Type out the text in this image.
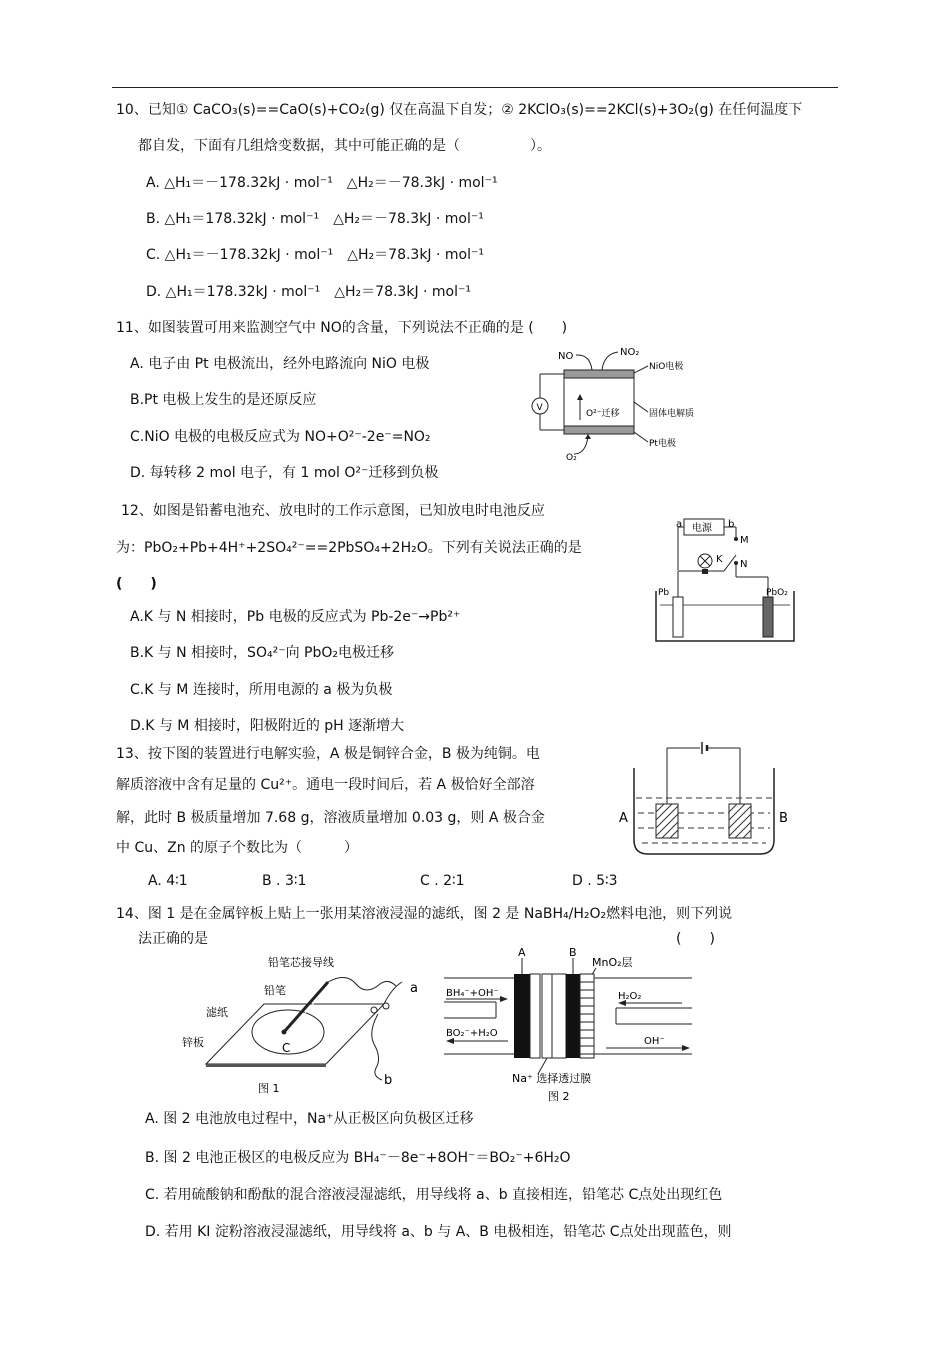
10、已知① CaCO₃(s)==CaO(s)+CO₂(g) 仅在高温下自发；② 2KClO₃(s)==2KCl(s)+3O₂(g) 在任何温度下
都自发，下面有几组焓变数据，其中可能正确的是（　　　　　）。
A. △H₁＝－178.32kJ · mol⁻¹　△H₂＝－78.3kJ · mol⁻¹
B. △H₁＝178.32kJ · mol⁻¹　△H₂＝－78.3kJ · mol⁻¹
C. △H₁＝－178.32kJ · mol⁻¹　△H₂＝78.3kJ · mol⁻¹
D. △H₁＝178.32kJ · mol⁻¹　△H₂＝78.3kJ · mol⁻¹
11、如图装置可用来监测空气中 NO的含量，下列说法不正确的是 (　　)
A. 电子由 Pt 电极流出，经外电路流向 NiO 电极
B.Pt 电极上发生的是还原反应
C.NiO 电极的电极反应式为 NO+O²⁻-2e⁻=NO₂
D. 每转移 2 mol 电子，有 1 mol O²⁻迁移到负极
NO	NO₂
O²⁻迁移
V
NiO电极
固体电解质
Pt电极
O₂
12、如图是铅蓄电池充、放电时的工作示意图，已知放电时电池反应
为：PbO₂+Pb+4H⁺+2SO₄²⁻==2PbSO₄+2H₂O。下列有关说法正确的是
(　　)
A.K 与 N 相接时，Pb 电极的反应式为 Pb-2e⁻→Pb²⁺
B.K 与 N 相接时，SO₄²⁻向 PbO₂电极迁移
C.K 与 M 连接时，所用电源的 a 极为负极
D.K 与 M 相接时，阳极附近的 pH 逐渐增大
a 电源 b
M
K N
Pb	PbO₂
13、按下图的装置进行电解实验，A 极是铜锌合金，B 极为纯铜。电
解质溶液中含有足量的 Cu²⁺。通电一段时间后，若 A 极恰好全部溶
解，此时 B 极质量增加 7.68 g，溶液质量增加 0.03 g，则 A 极合金
中 Cu、Zn 的原子个数比为（　　　）
A. 4∶1	B . 3∶1	C . 2∶1	D . 5∶3
A	B
14、图 1 是在金属锌板上贴上一张用某溶液浸湿的滤纸，图 2 是 NaBH₄/H₂O₂燃料电池，则下列说
法正确的是	(　　)
铅笔芯接导线
铅笔
滤纸
锌板	C
a
b
图 1
A	B
MnO₂层
BH₄⁻+OH⁻
BO₂⁻+H₂O
H₂O₂
OH⁻
Na⁺ 选择透过膜
图 2
A. 图 2 电池放电过程中，Na⁺从正极区向负极区迁移
B. 图 2 电池正极区的电极反应为 BH₄⁻－8e⁻+8OH⁻＝BO₂⁻+6H₂O
C. 若用硫酸钠和酚酞的混合溶液浸湿滤纸，用导线将 a、b 直接相连，铅笔芯 C点处出现红色
D. 若用 KI 淀粉溶液浸湿滤纸，用导线将 a、b 与 A、B 电极相连，铅笔芯 C点处出现蓝色，则
